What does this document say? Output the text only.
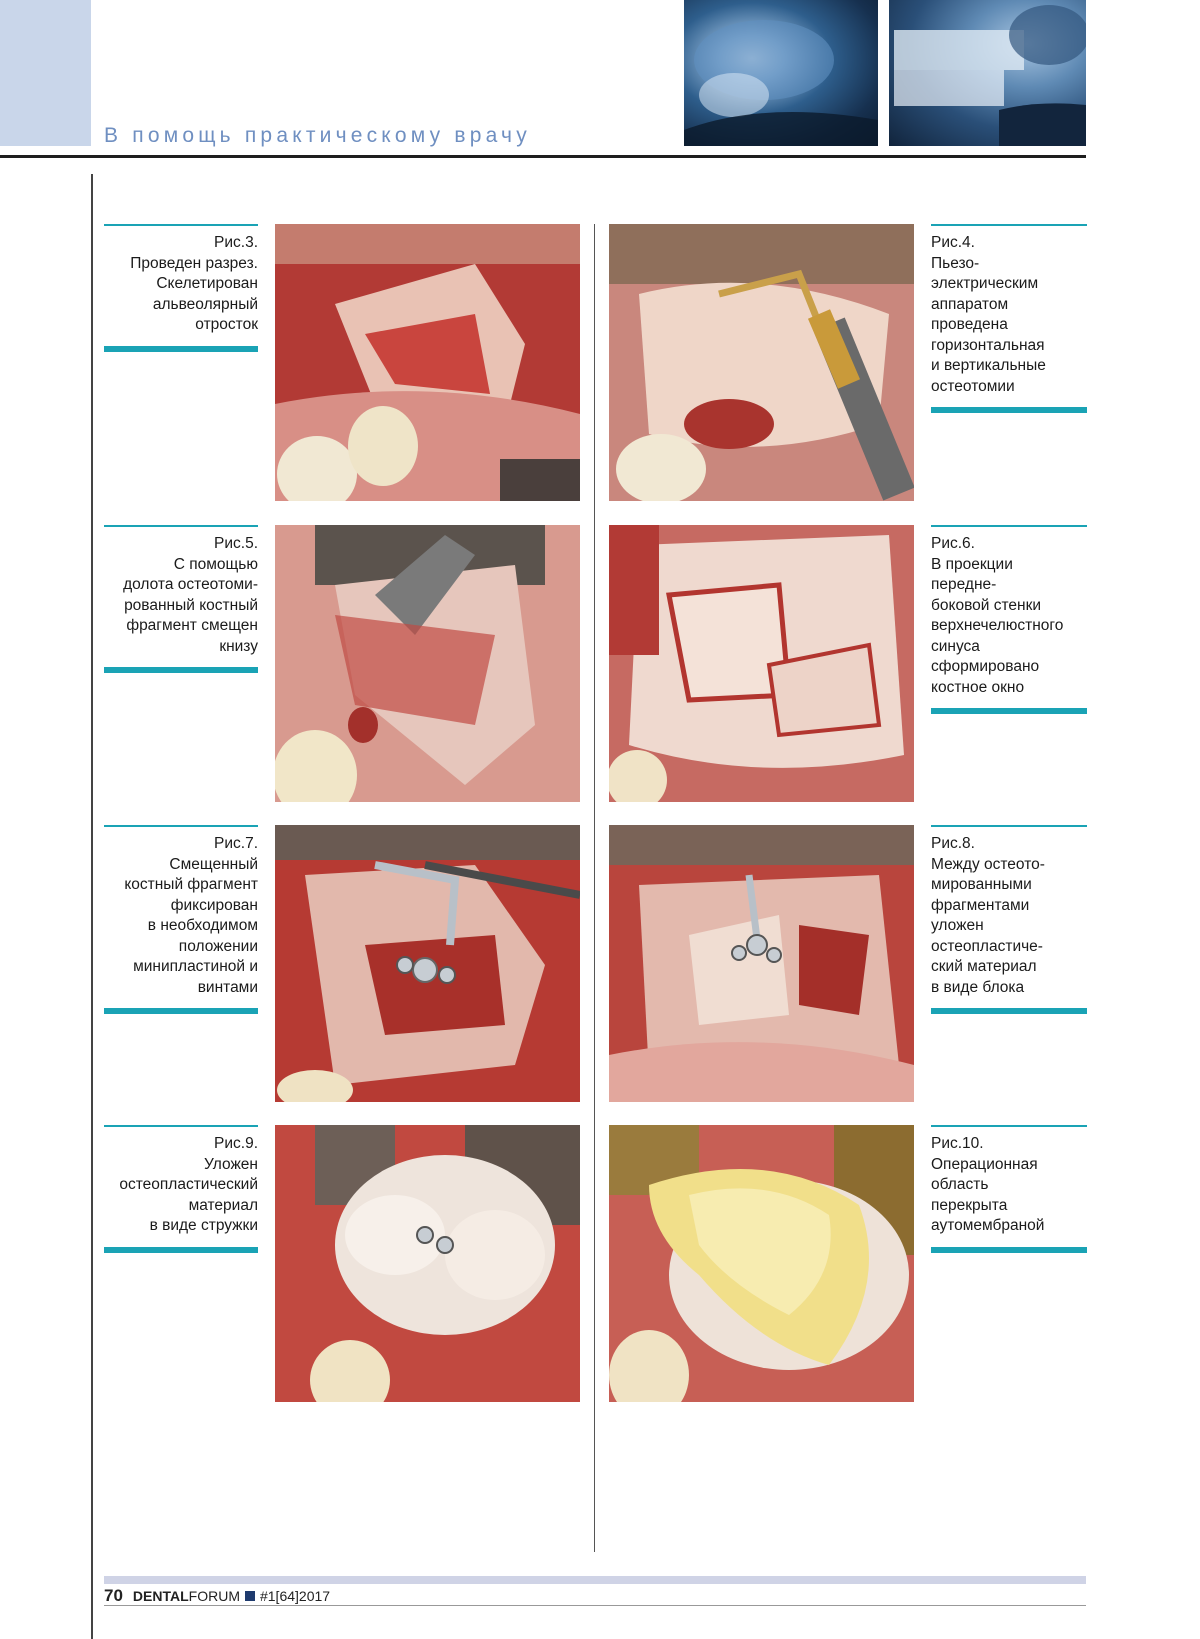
В помощь практическому врачу
Рис.3.
Проведен разрез.
Скелетирован
альвеолярный
отросток
Рис.4.
Пьезо-
электрическим
аппаратом
проведена
горизонтальная
и вертикальные
остеотомии
Рис.5.
С помощью
долота остеотоми-
рованный костный
фрагмент смещен
книзу
Рис.6.
В проекции
передне-
боковой стенки
верхнечелюстного
синуса
сформировано
костное окно
Рис.7.
Смещенный
костный фрагмент
фиксирован
в необходимом
положении
минипластиной и
винтами
Рис.8.
Между остеото-
мированными
фрагментами
уложен
остеопластиче-
ский материал
в виде блока
Рис.9.
Уложен
остеопластический
материал
в виде стружки
Рис.10.
Операционная
область
перекрыта
аутомембраной
70 DENTALFORUM #1[64]2017
